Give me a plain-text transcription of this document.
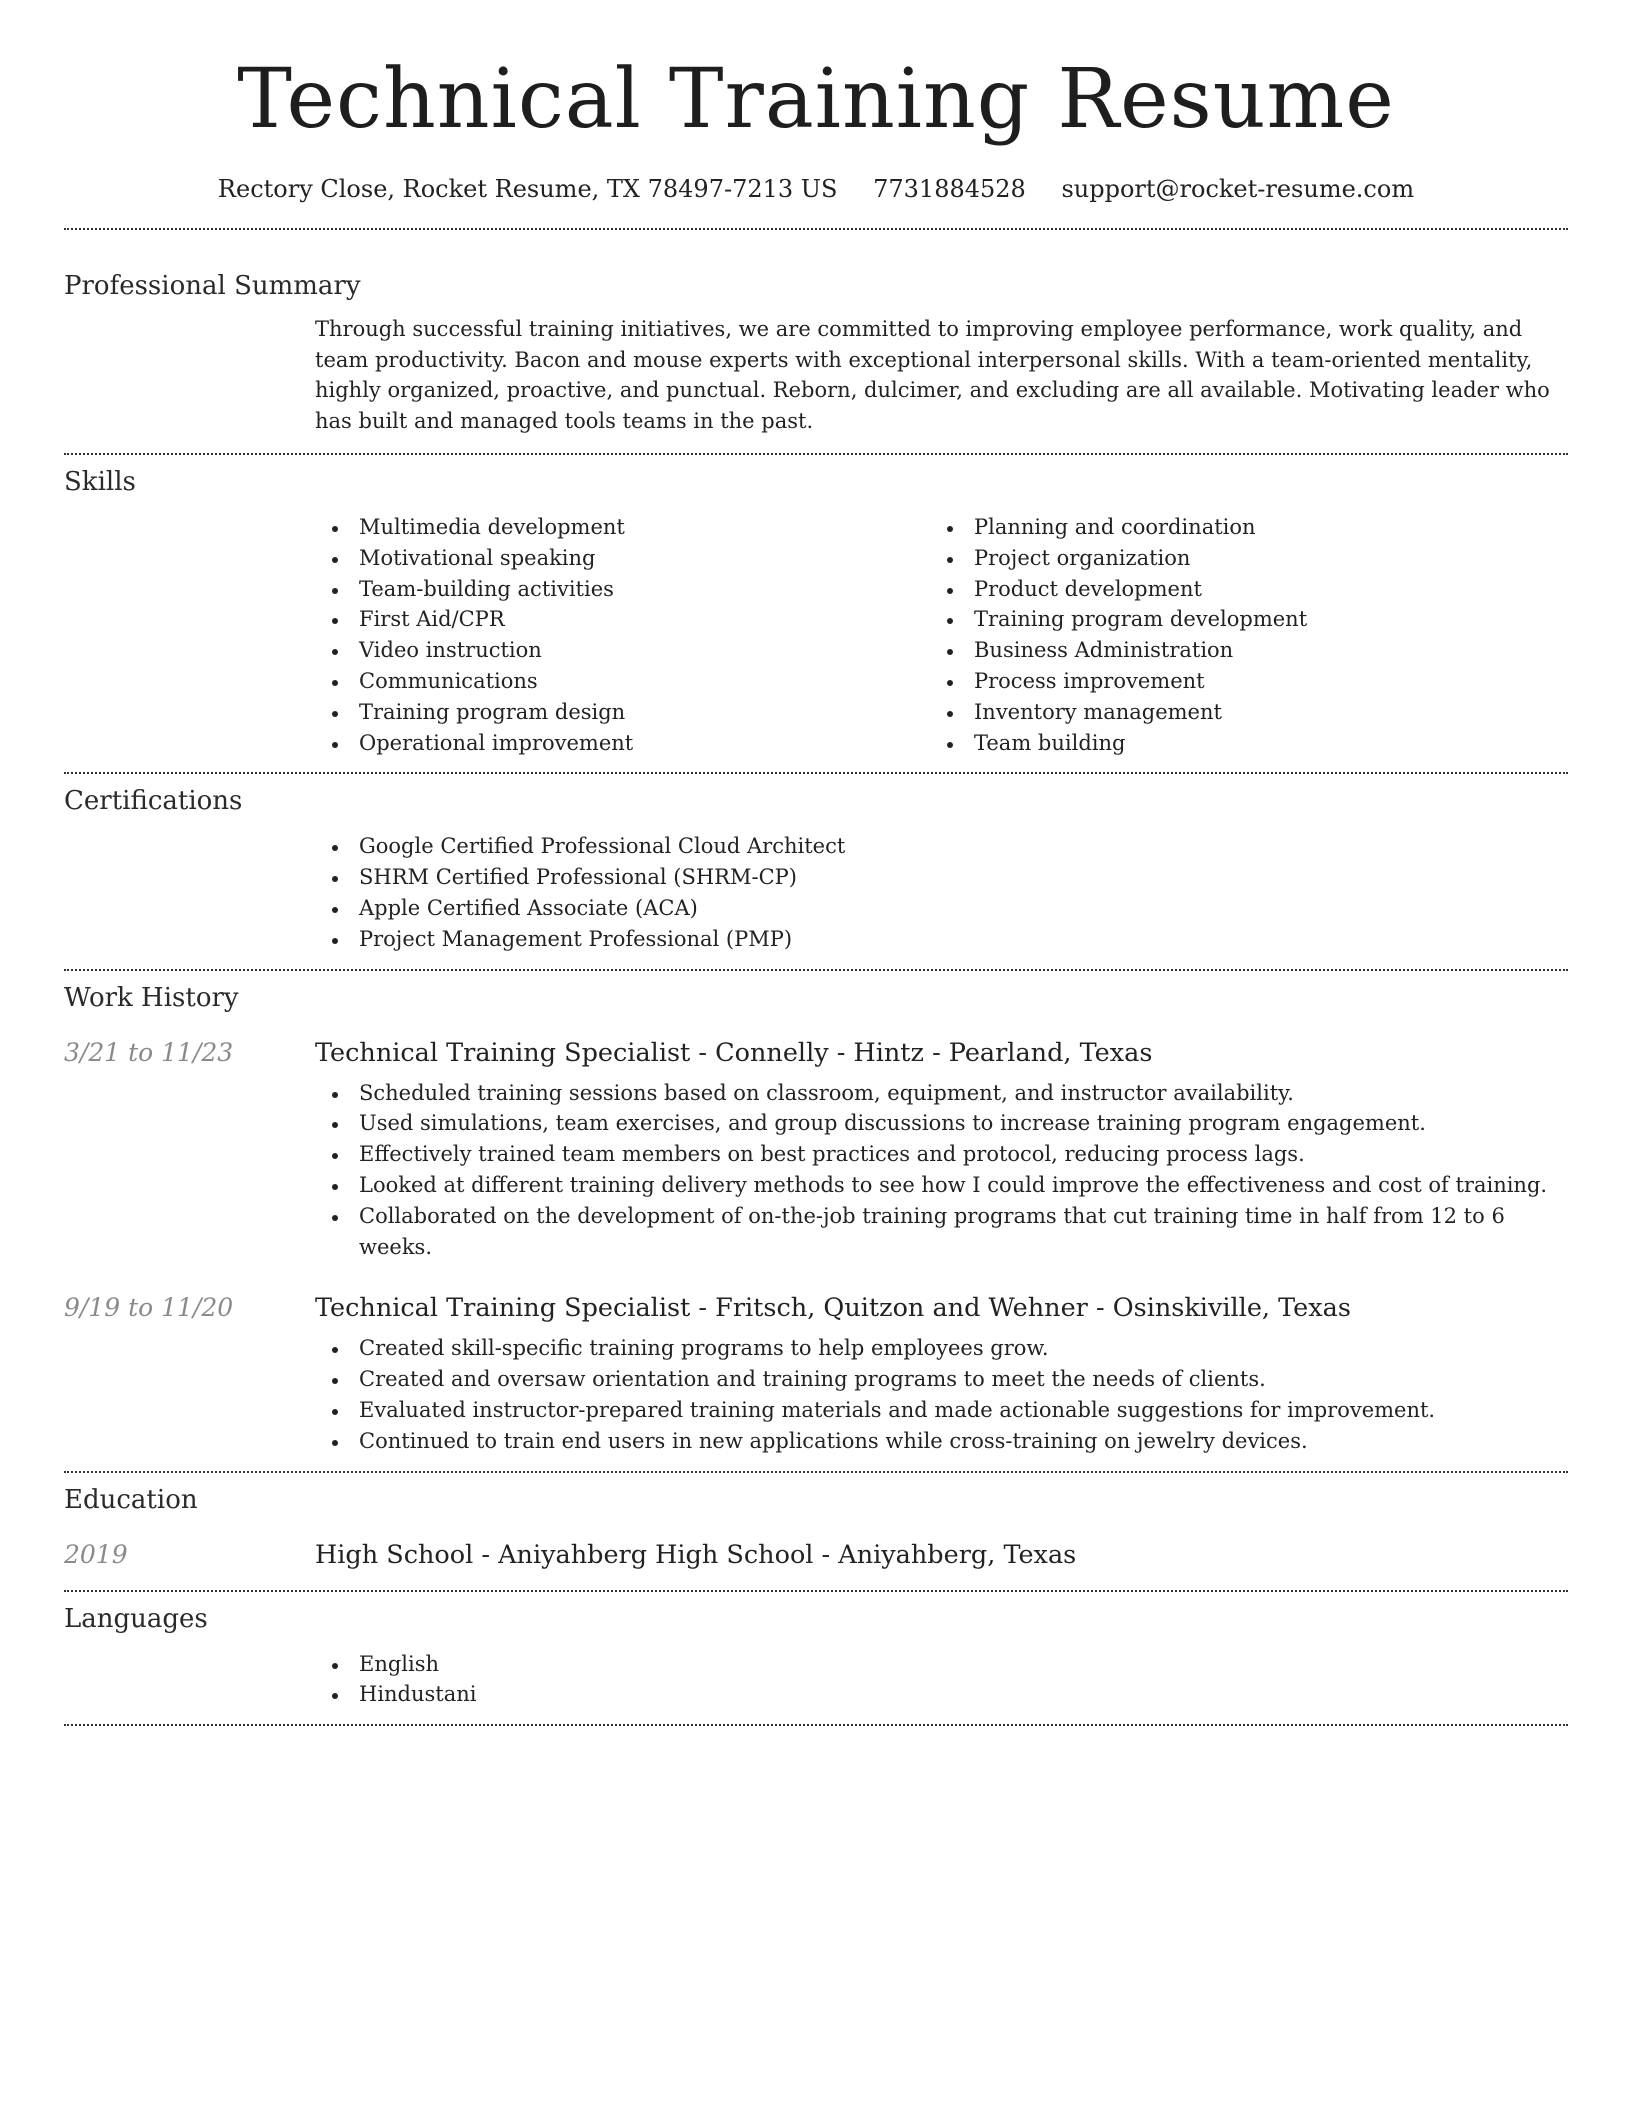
Technical Training Resume
Rectory Close, Rocket Resume, TX 78497-7213 US 7731884528 support@rocket-resume.com
Professional Summary

Through successful training initiatives, we are committed to improving employee performance, work quality, and team productivity. Bacon and mouse experts with exceptional interpersonal skills. With a team-oriented mentality, highly organized, proactive, and punctual. Reborn, dulcimer, and excluding are all available. Motivating leader who has built and managed tools teams in the past.

Skills
Multimedia development
Motivational speaking
Team-building activities
First Aid/CPR
Video instruction
Communications
Training program design
Operational improvement
Planning and coordination
Project organization
Product development
Training program development
Business Administration
Process improvement
Inventory management
Team building
Certifications
Google Certified Professional Cloud Architect
SHRM Certified Professional (SHRM-CP)
Apple Certified Associate (ACA)
Project Management Professional (PMP)
Work History
3/21 to 11/23	Technical Training Specialist - Connelly - Hintz - Pearland, Texas
Scheduled training sessions based on classroom, equipment, and instructor availability.
Used simulations, team exercises, and group discussions to increase training program engagement.
Effectively trained team members on best practices and protocol, reducing process lags.
Looked at different training delivery methods to see how I could improve the effectiveness and cost of training.
Collaborated on the development of on-the-job training programs that cut training time in half from 12 to 6 weeks.
9/19 to 11/20	Technical Training Specialist - Fritsch, Quitzon and Wehner - Osinskiville, Texas
Created skill-specific training programs to help employees grow.
Created and oversaw orientation and training programs to meet the needs of clients.
Evaluated instructor-prepared training materials and made actionable suggestions for improvement.
Continued to train end users in new applications while cross-training on jewelry devices.
Education
2019	High School - Aniyahberg High School - Aniyahberg, Texas
Languages
English
Hindustani
